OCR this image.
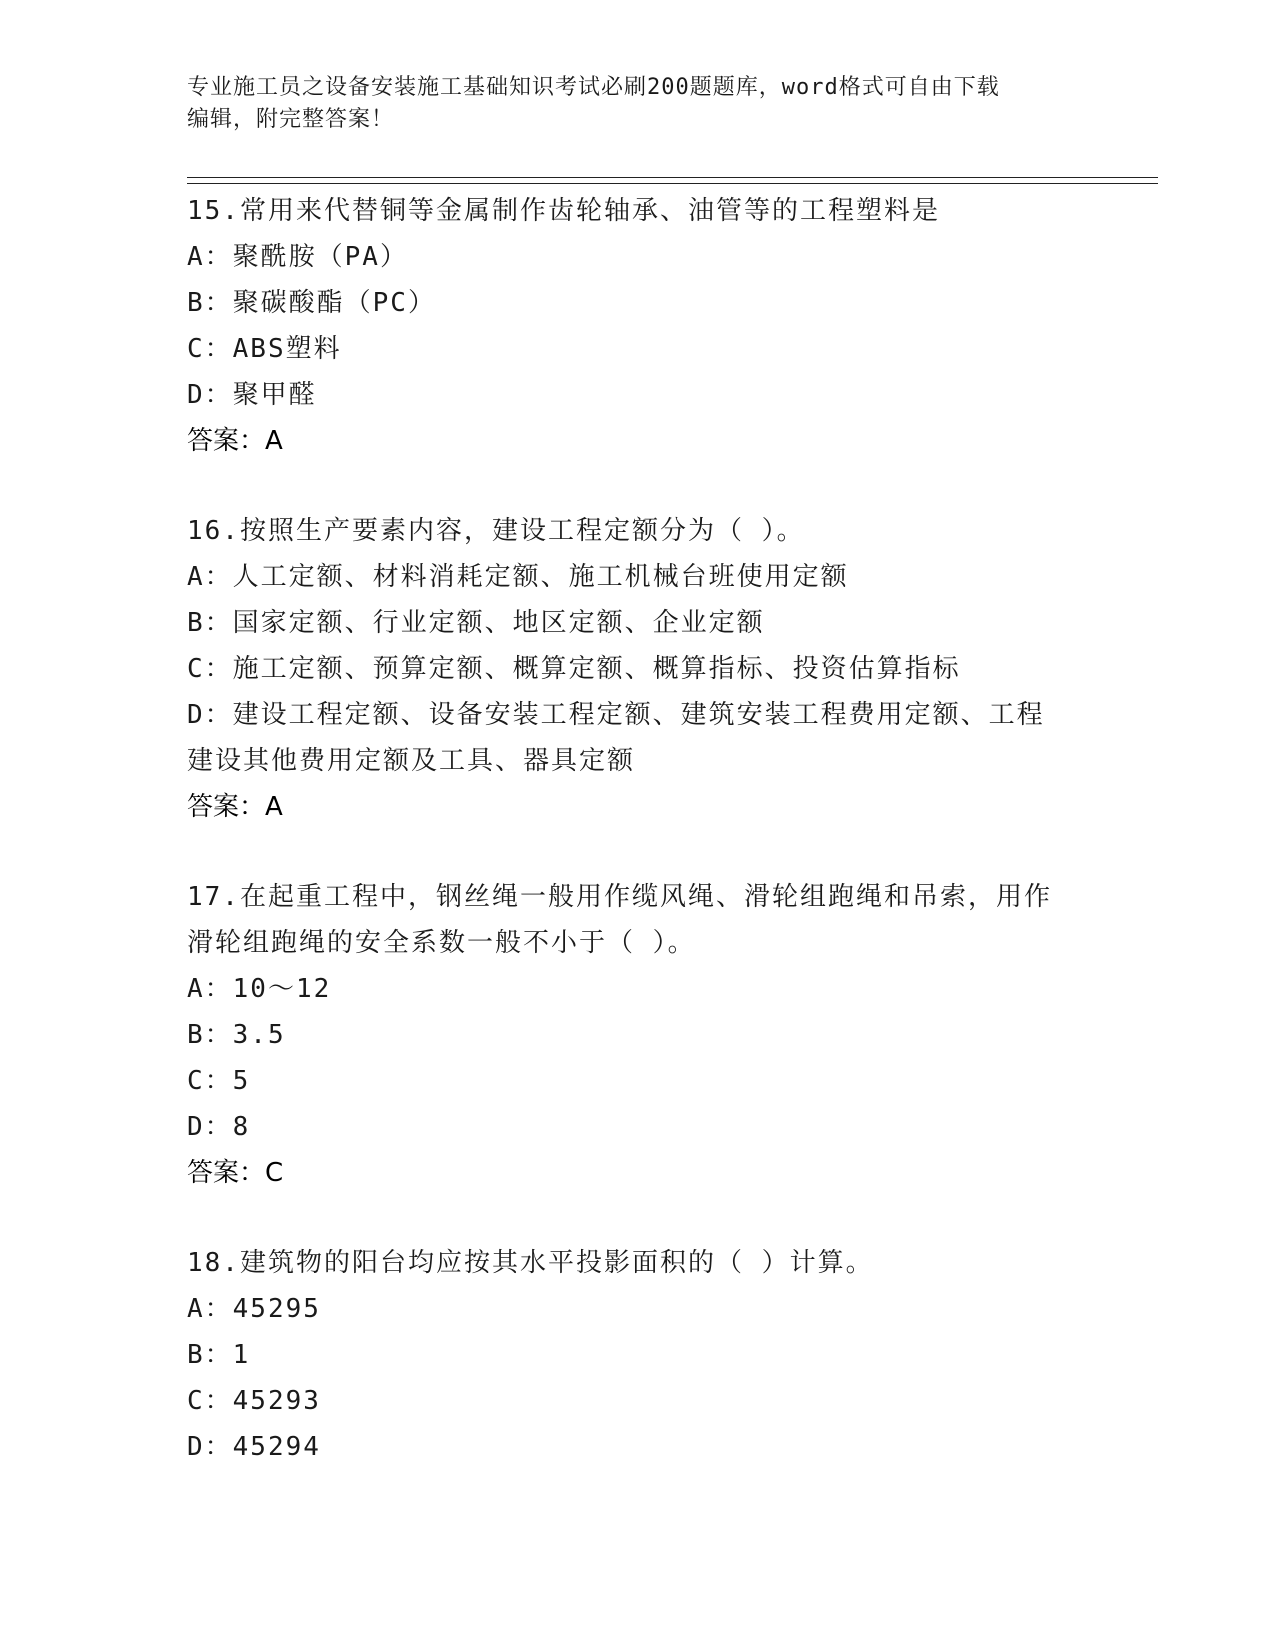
专业施工员之设备安装施工基础知识考试必刷200题题库，word格式可自由下载
编辑，附完整答案！
15.常用来代替铜等金属制作齿轮轴承、油管等的工程塑料是
A：聚酰胺（PA）
B：聚碳酸酯（PC）
C：ABS塑料
D：聚甲醛
答案：A
16.按照生产要素内容，建设工程定额分为（ ）。
A：人工定额、材料消耗定额、施工机械台班使用定额
B：国家定额、行业定额、地区定额、企业定额
C：施工定额、预算定额、概算定额、概算指标、投资估算指标
D：建设工程定额、设备安装工程定额、建筑安装工程费用定额、工程
建设其他费用定额及工具、器具定额
答案：A
17.在起重工程中，钢丝绳一般用作缆风绳、滑轮组跑绳和吊索，用作
滑轮组跑绳的安全系数一般不小于（ ）。
A：10～12
B：3.5
C：5
D：8
答案：C
18.建筑物的阳台均应按其水平投影面积的（ ）计算。
A：45295
B：1
C：45293
D：45294
